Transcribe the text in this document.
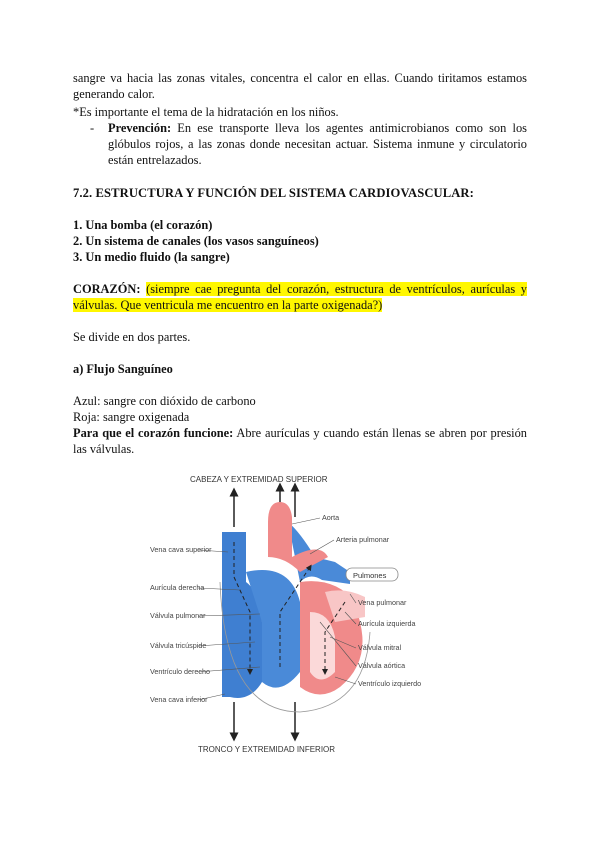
sangre va hacia las zonas vitales, concentra el calor en ellas. Cuando tiritamos estamos generando calor.
*Es importante el tema de la hidratación en los niños.
- Prevención: En ese transporte lleva los agentes antimicrobianos como son los glóbulos rojos, a las zonas donde necesitan actuar. Sistema inmune y circulatorio están entrelazados.
7.2. ESTRUCTURA Y FUNCIÓN DEL SISTEMA CARDIOVASCULAR:
1. Una bomba (el corazón)
2. Un sistema de canales (los vasos sanguíneos)
3. Un medio fluido (la sangre)
CORAZÓN: (siempre cae pregunta del corazón, estructura de ventrículos, aurículas y válvulas. Que ventricula me encuentro en la parte oxigenada?)
Se divide en dos partes.
a) Flujo Sanguíneo
Azul: sangre con dióxido de carbono
Roja: sangre oxigenada
Para que el corazón funcione: Abre aurículas y cuando están llenas se abren por presión las válvulas.
CABEZA Y EXTREMIDAD SUPERIOR
TRONCO Y EXTREMIDAD INFERIOR
Pulmones
Vena cava superior
Aurícula derecha
Válvula pulmonar
Válvula tricúspide
Ventrículo derecho
Vena cava inferior
Aorta
Arteria pulmonar
Vena pulmonar
Aurícula izquierda
Válvula mitral
Válvula aórtica
Ventrículo izquierdo
